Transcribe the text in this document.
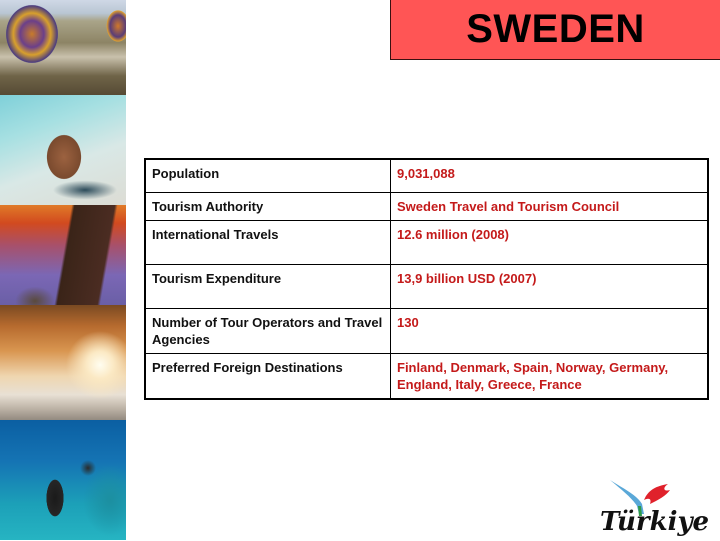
SWEDEN
Population	9,031,088
Tourism Authority	Sweden Travel and Tourism Council
International Travels	12.6 million (2008)
Tourism Expenditure	13,9 billion USD (2007)
Number of Tour Operators and Travel Agencies	130
Preferred Foreign Destinations	Finland, Denmark, Spain, Norway, Germany, England, Italy, Greece, France
Türkiye
